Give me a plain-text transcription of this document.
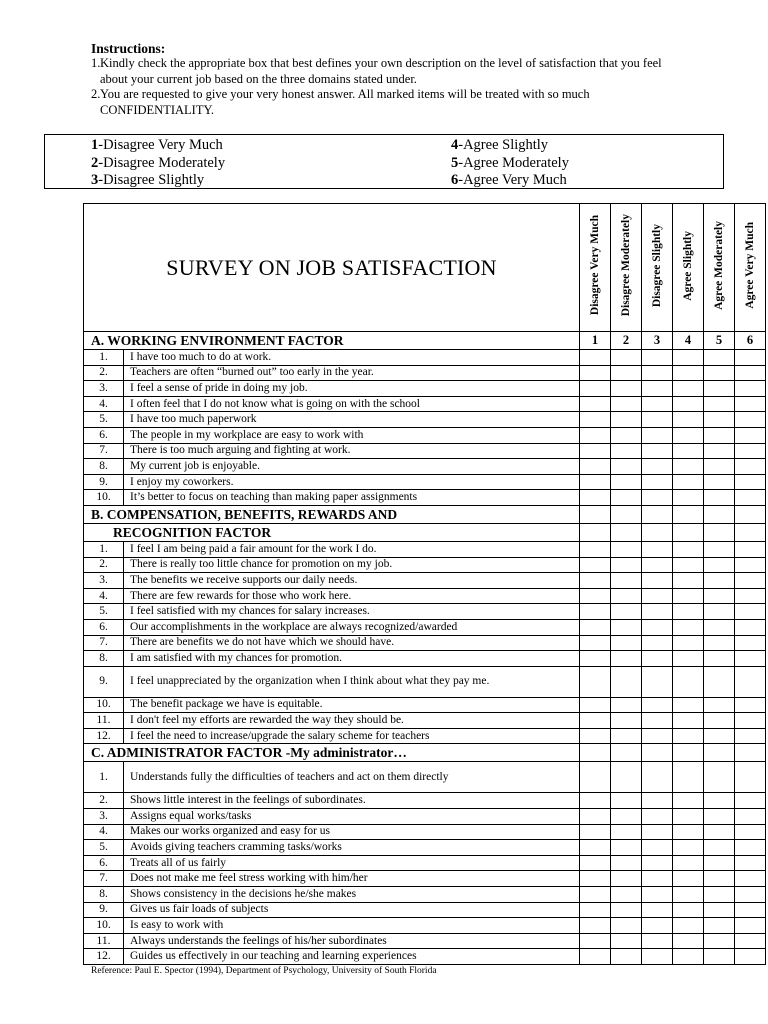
Instructions:
1. Kindly check the appropriate box that best defines your own description on the level of satisfaction that you feel about your current job based on the three domains stated under.
2. You are requested to give your very honest answer. All marked items will be treated with so much CONFIDENTIALITY.
1-Disagree Very Much	4-Agree Slightly
2-Disagree Moderately	5-Agree Moderately
3-Disagree Slightly	6-Agree Very Much
SURVEY ON JOB SATISFACTION		Disagree Very Much	Disagree Moderately	Disagree Slightly	Agree Slightly	Agree Moderately	Agree Very Much

A. WORKING ENVIRONMENT FACTOR		1	2	3	4	5	6
1.	I have too much to do at work.						
2.	Teachers are often “burned out” too early in the year.						
3.	I feel a sense of pride in doing my job.						
4.	I often feel that I do not know what is going on with the school						
5.	I have too much paperwork						
6.	The people in my workplace are easy to work with						
7.	There is too much arguing and fighting at work.						
8.	My current job is enjoyable.						
9.	I enjoy my coworkers.						
10.	It’s better to focus on teaching than making paper assignments						

B. COMPENSATION, BENEFITS, REWARDS AND							

RECOGNITION FACTOR							

1.	I feel I am being paid a fair amount for the work I do.						
2.	There is really too little chance for promotion on my job.						
3.	The benefits we receive supports our daily needs.						
4.	There are few rewards for those who work here.						
5.	I feel satisfied with my chances for salary increases.						
6.	Our accomplishments in the workplace are always recognized/awarded						
7.	There are benefits we do not have which we should have.						
8.	I am satisfied with my chances for promotion.						
9.	I feel unappreciated by the organization when I think about what they pay me.						
10.	The benefit package we have is equitable.						
11.	I don't feel my efforts are rewarded the way they should be.						
12.	I feel the need to increase/upgrade the salary scheme for teachers						

C. ADMINISTRATOR FACTOR -My administrator…							

1.	Understands fully the difficulties of teachers and act on them directly						
2.	Shows little interest in the feelings of subordinates.						
3.	Assigns equal works/tasks						
4.	Makes our works organized and easy for us						
5.	Avoids giving teachers cramming tasks/works						
6.	Treats all of us fairly						
7.	Does not make me feel stress working with him/her						
8.	Shows consistency in the decisions he/she makes						
9.	Gives us fair loads of subjects						
10.	Is easy to work with						
11.	Always understands the feelings of his/her subordinates						
12.	Guides us effectively in our teaching and learning experiences						
Reference: Paul E. Spector (1994), Department of Psychology, University of South Florida
